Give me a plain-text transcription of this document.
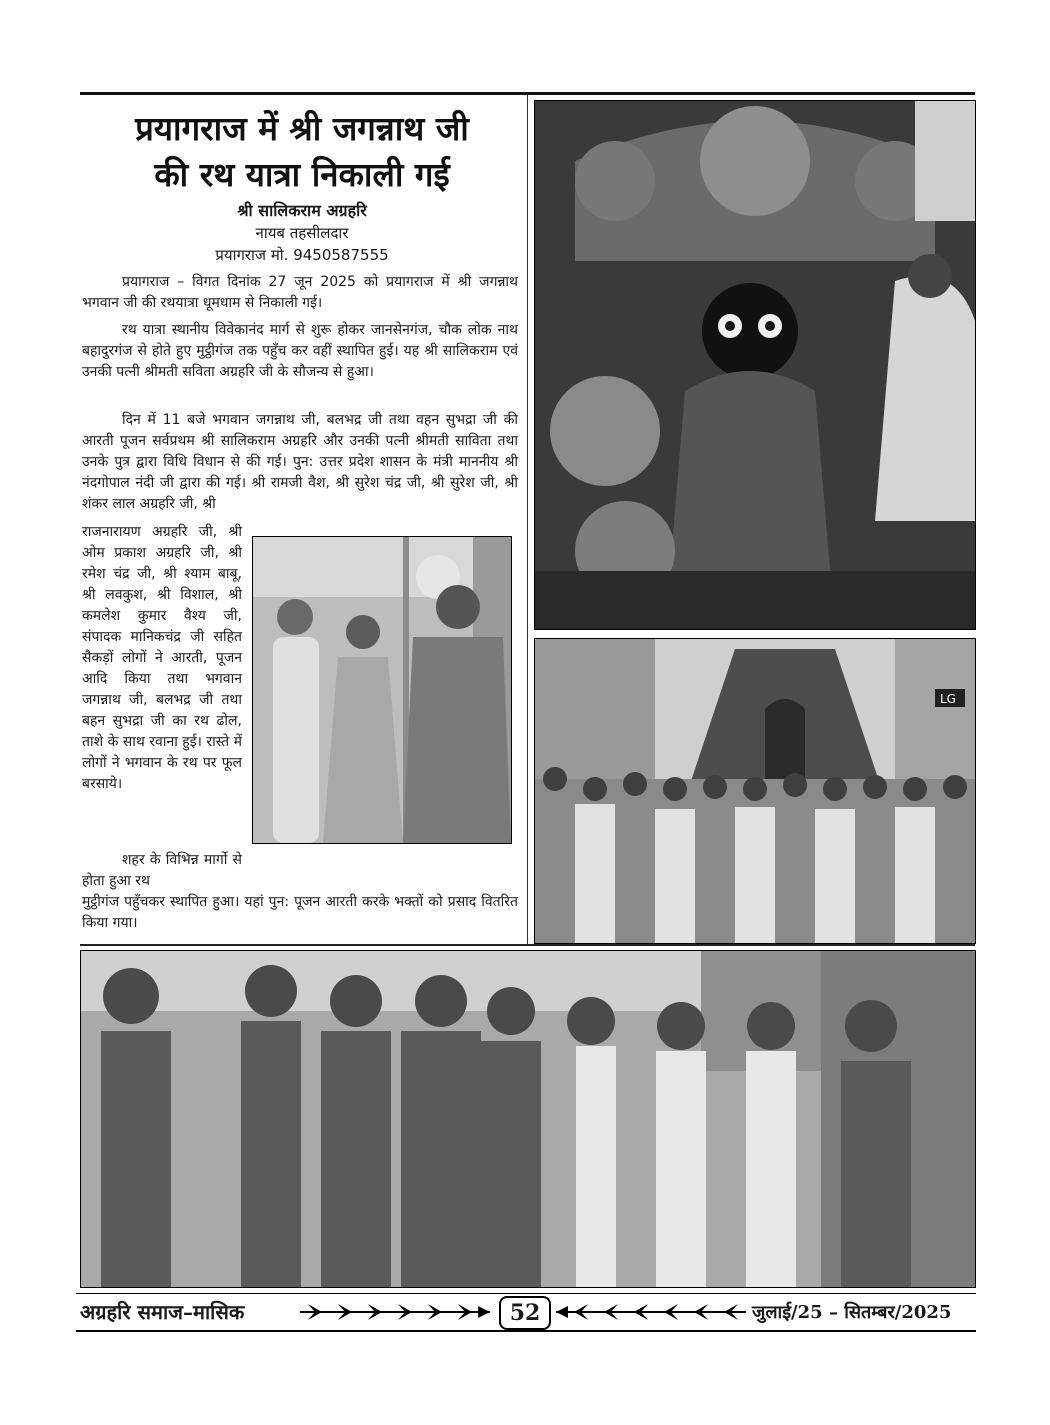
प्रयागराज में श्री जगन्नाथ जी
की रथ यात्रा निकाली गई
श्री सालिकराम अग्रहरि
नायब तहसीलदार
प्रयागराज मो. 9450587555

प्रयागराज – विगत दिनांक 27 जून 2025 को प्रयागराज में श्री जगन्नाथ भगवान जी की रथयात्रा धूमधाम से निकाली गई।

रथ यात्रा स्थानीय विवेकानंद मार्ग से शुरू होकर जानसेनगंज, चौक लोक नाथ बहादुरगंज से होते हुए मुट्ठीगंज तक पहुँच कर वहीं स्थापित हुई। यह श्री सालिकराम एवं उनकी पत्नी श्रीमती सविता अग्रहरि जी के सौजन्य से हुआ।

दिन में 11 बजे भगवान जगन्नाथ जी, बलभद्र जी तथा वहन सुभद्रा जी की आरती पूजन सर्वप्रथम श्री सालिकराम अग्रहरि और उनकी पत्नी श्रीमती साविता तथा उनके पुत्र द्वारा विधि विधान से की गई। पुन: उत्तर प्रदेश शासन के मंत्री माननीय श्री नंदगोपाल नंदी जी द्वारा की गई। श्री रामजी वैश, श्री सुरेश चंद्र जी, श्री सुरेश जी, श्री शंकर लाल अग्रहरि जी, श्री

राजनारायण अग्रहरि जी, श्री ओम प्रकाश अग्रहरि जी, श्री रमेश चंद्र जी, श्री श्याम बाबू, श्री लवकुश, श्री विशाल, श्री कमलेश कुमार वैश्य जी, संपादक मानिकचंद्र जी सहित सैकड़ों लोगों ने आरती, पूजन आदि किया तथा भगवान जगन्नाथ जी, बलभद्र जी तथा बहन सुभद्रा जी का रथ ढोल, ताशे के साथ रवाना हुई। रास्ते में लोगों ने भगवान के रथ पर फूल बरसाये।

शहर के विभिन्न मार्गो से होता हुआ रथ

मुट्ठीगंज पहुँचकर स्थापित हुआ। यहां पुन: पूजन आरती करके भक्तों को प्रसाद वितरित किया गया।

LG
अग्रहरि समाज–मासिक	52	जुलाई/25 – सितम्बर/2025
